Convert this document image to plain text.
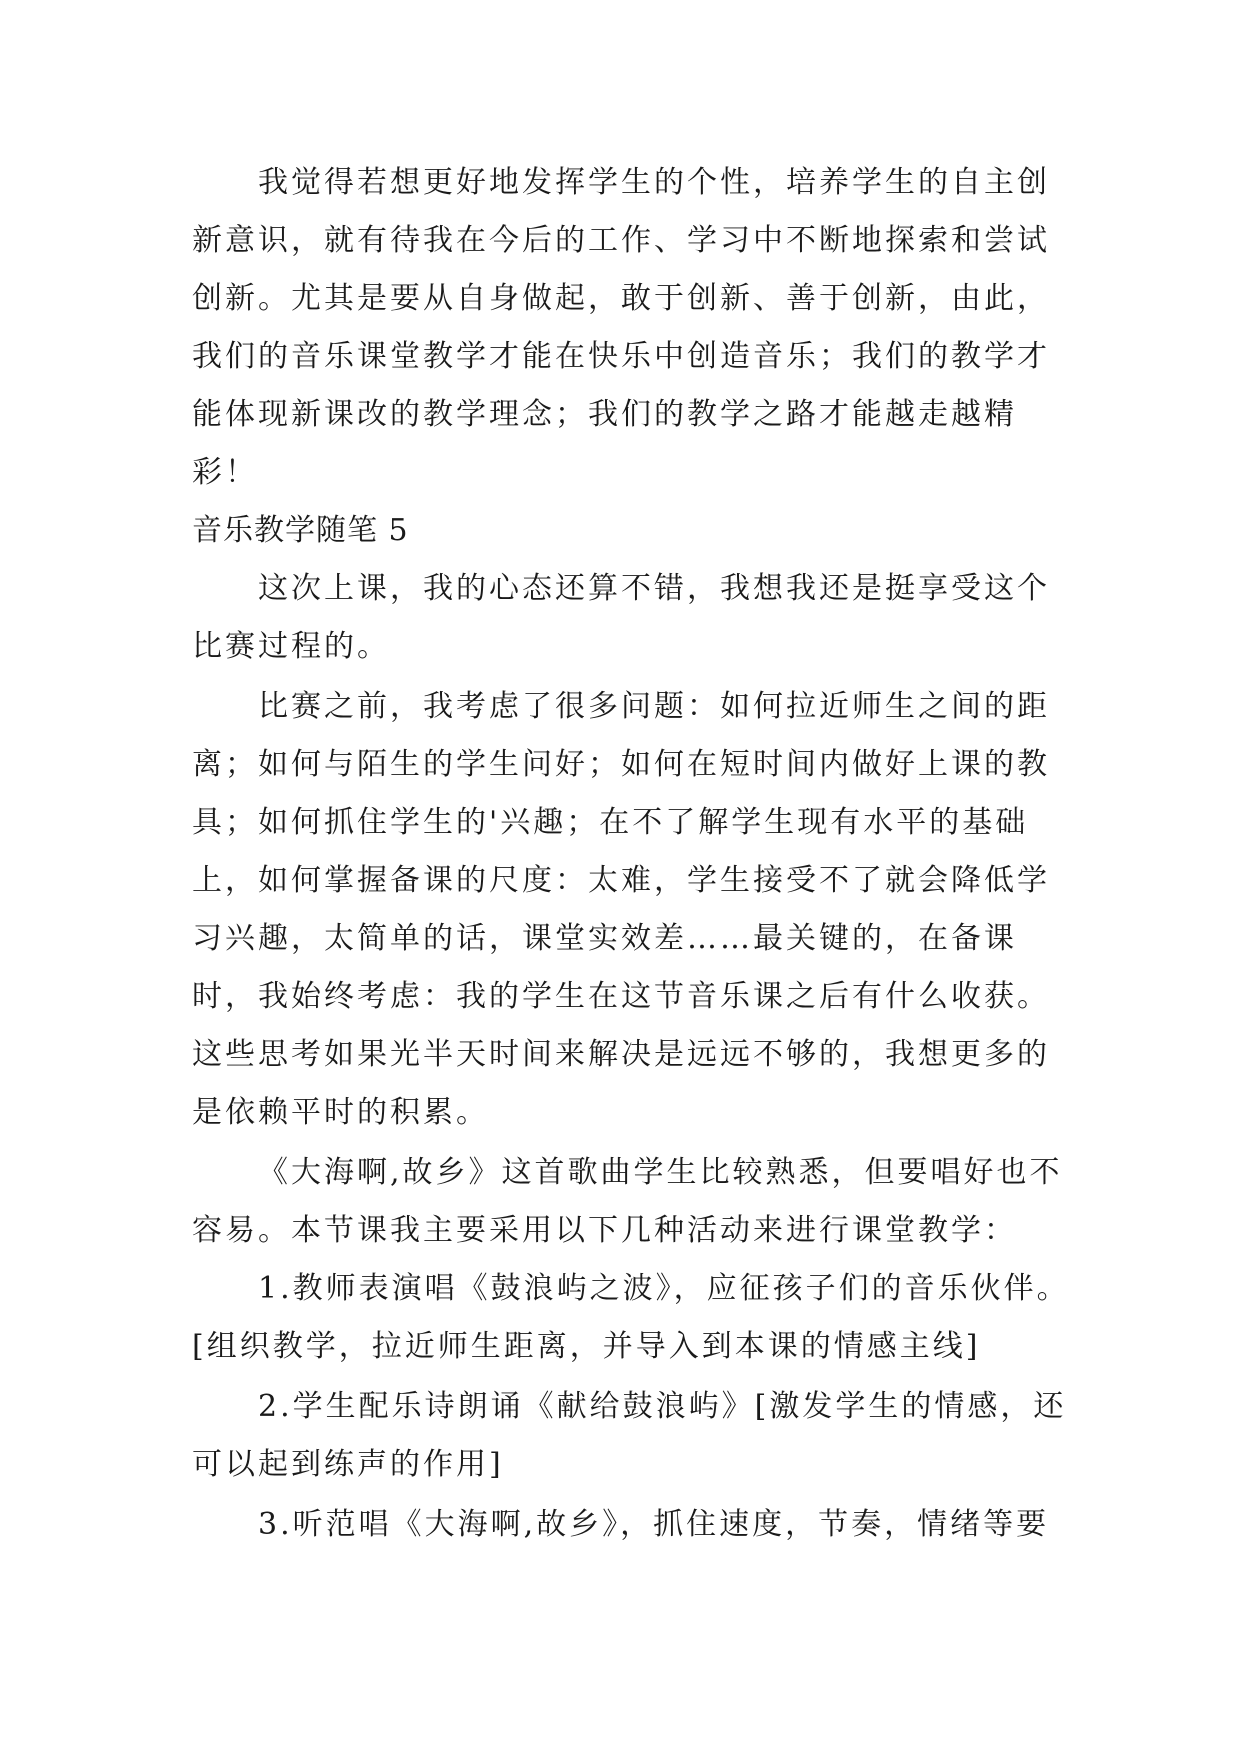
我觉得若想更好地发挥学生的个性，培养学生的自主创新意识，就有待我在今后的工作、学习中不断地探索和尝试创新。尤其是要从自身做起，敢于创新、善于创新，由此，我们的音乐课堂教学才能在快乐中创造音乐；我们的教学才能体现新课改的教学理念；我们的教学之路才能越走越精彩！

音乐教学随笔 5

这次上课，我的心态还算不错，我想我还是挺享受这个比赛过程的。

比赛之前，我考虑了很多问题：如何拉近师生之间的距离；如何与陌生的学生问好；如何在短时间内做好上课的教具；如何抓住学生的'兴趣；在不了解学生现有水平的基础上，如何掌握备课的尺度：太难，学生接受不了就会降低学习兴趣，太简单的话，课堂实效差……最关键的，在备课时，我始终考虑：我的学生在这节音乐课之后有什么收获。这些思考如果光半天时间来解决是远远不够的，我想更多的是依赖平时的积累。

《大海啊,故乡》这首歌曲学生比较熟悉，但要唱好也不容易。本节课我主要采用以下几种活动来进行课堂教学：

1.教师表演唱《鼓浪屿之波》，应征孩子们的音乐伙伴。[组织教学，拉近师生距离，并导入到本课的情感主线]

2.学生配乐诗朗诵《献给鼓浪屿》[激发学生的情感，还可以起到练声的作用]

3.听范唱《大海啊,故乡》，抓住速度，节奏，情绪等要
